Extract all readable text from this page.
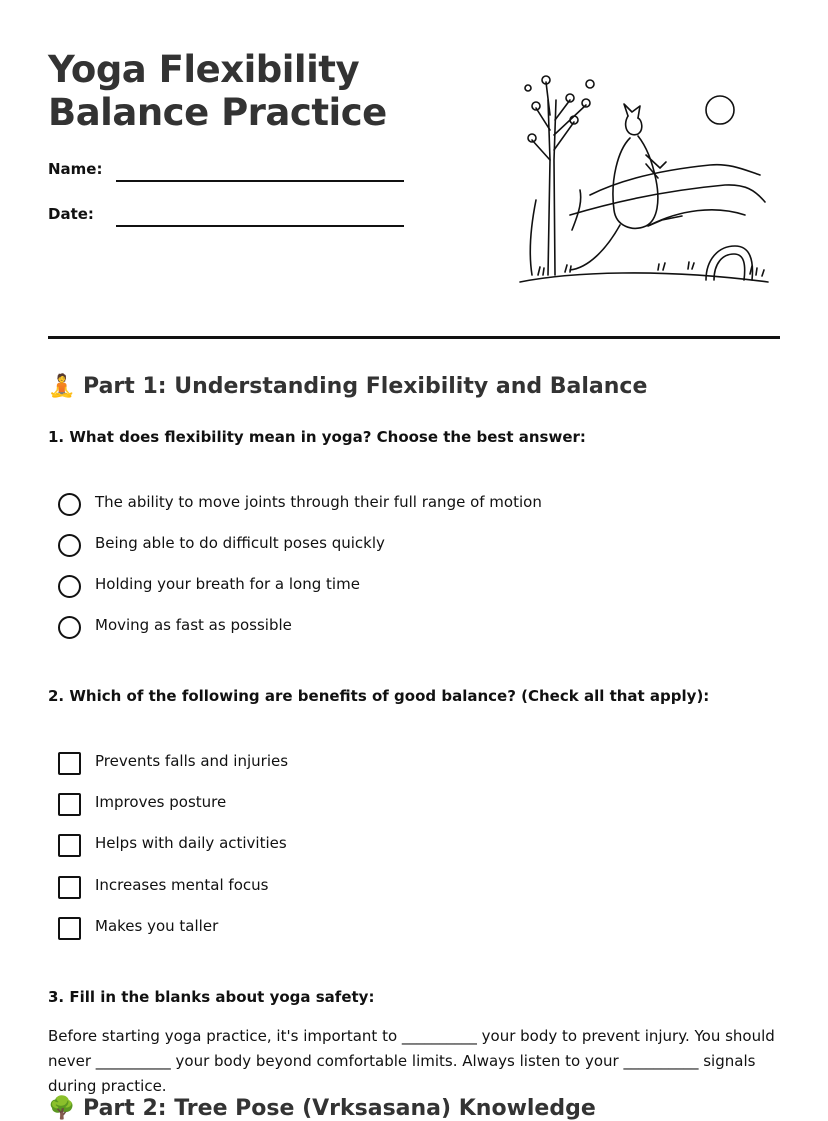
Yoga Flexibility Balance Practice
Name:
Date:
🧘 Part 1: Understanding Flexibility and Balance
1. What does flexibility mean in yoga? Choose the best answer:
The ability to move joints through their full range of motion
Being able to do difficult poses quickly
Holding your breath for a long time
Moving as fast as possible
2. Which of the following are benefits of good balance? (Check all that apply):
Prevents falls and injuries
Improves posture
Helps with daily activities
Increases mental focus
Makes you taller
3. Fill in the blanks about yoga safety:

Before starting yoga practice, it's important to __________ your body to prevent injury. You should never __________ your body beyond comfortable limits. Always listen to your __________ signals during practice.

🌳 Part 2: Tree Pose (Vrksasana) Knowledge
